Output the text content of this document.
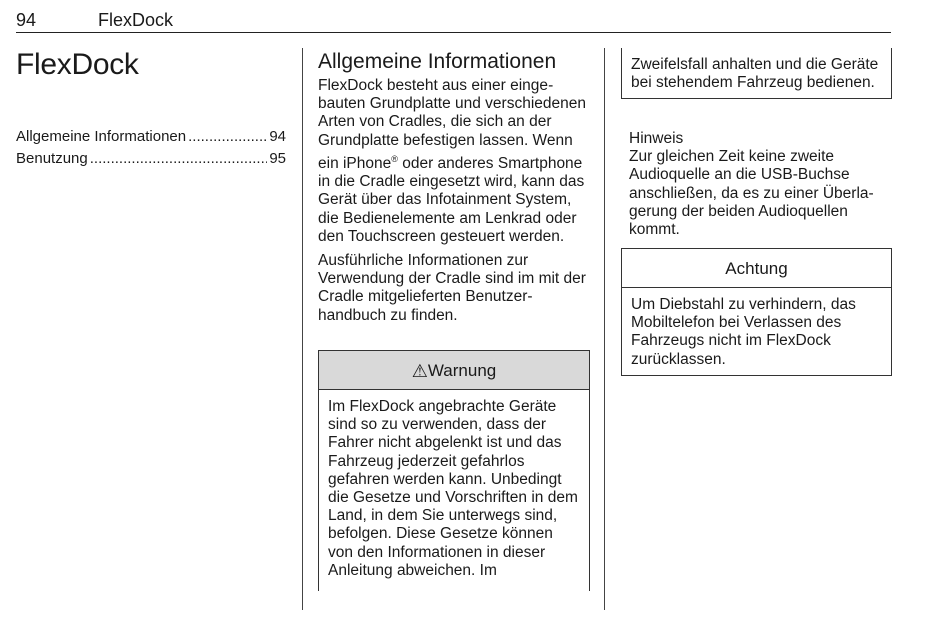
94	FlexDock
FlexDock
Allgemeine Informationen .....	94
Benutzung .....	95
Allgemeine Informationen

FlexDock besteht aus einer eingebauten Grundplatte und verschiedenen Arten von Cradles, die sich an der Grundplatte befestigen lassen. Wenn ein iPhone® oder anderes Smartphone in die Cradle eingesetzt wird, kann das Gerät über das Infotainment System, die Bedienelemente am Lenkrad oder den Touchscreen gesteuert werden.

Ausführliche Informationen zur Verwendung der Cradle sind im mit der Cradle mitgelieferten Benutzerhandbuch zu finden.

⚠Warnung
Im FlexDock angebrachte Geräte sind so zu verwenden, dass der Fahrer nicht abgelenkt ist und das Fahrzeug jederzeit gefahrlos gefahren werden kann. Unbedingt die Gesetze und Vorschriften in dem Land, in dem Sie unterwegs sind, befolgen. Diese Gesetze können von den Informationen in dieser Anleitung abweichen. Im
Zweifelsfall anhalten und die Geräte bei stehendem Fahrzeug bedienen.
Hinweis
Zur gleichen Zeit keine zweite Audioquelle an die USB-Buchse anschließen, da es zu einer Überlagerung der beiden Audioquellen kommt.
Achtung
Um Diebstahl zu verhindern, das Mobiltelefon bei Verlassen des Fahrzeugs nicht im FlexDock zurücklassen.
